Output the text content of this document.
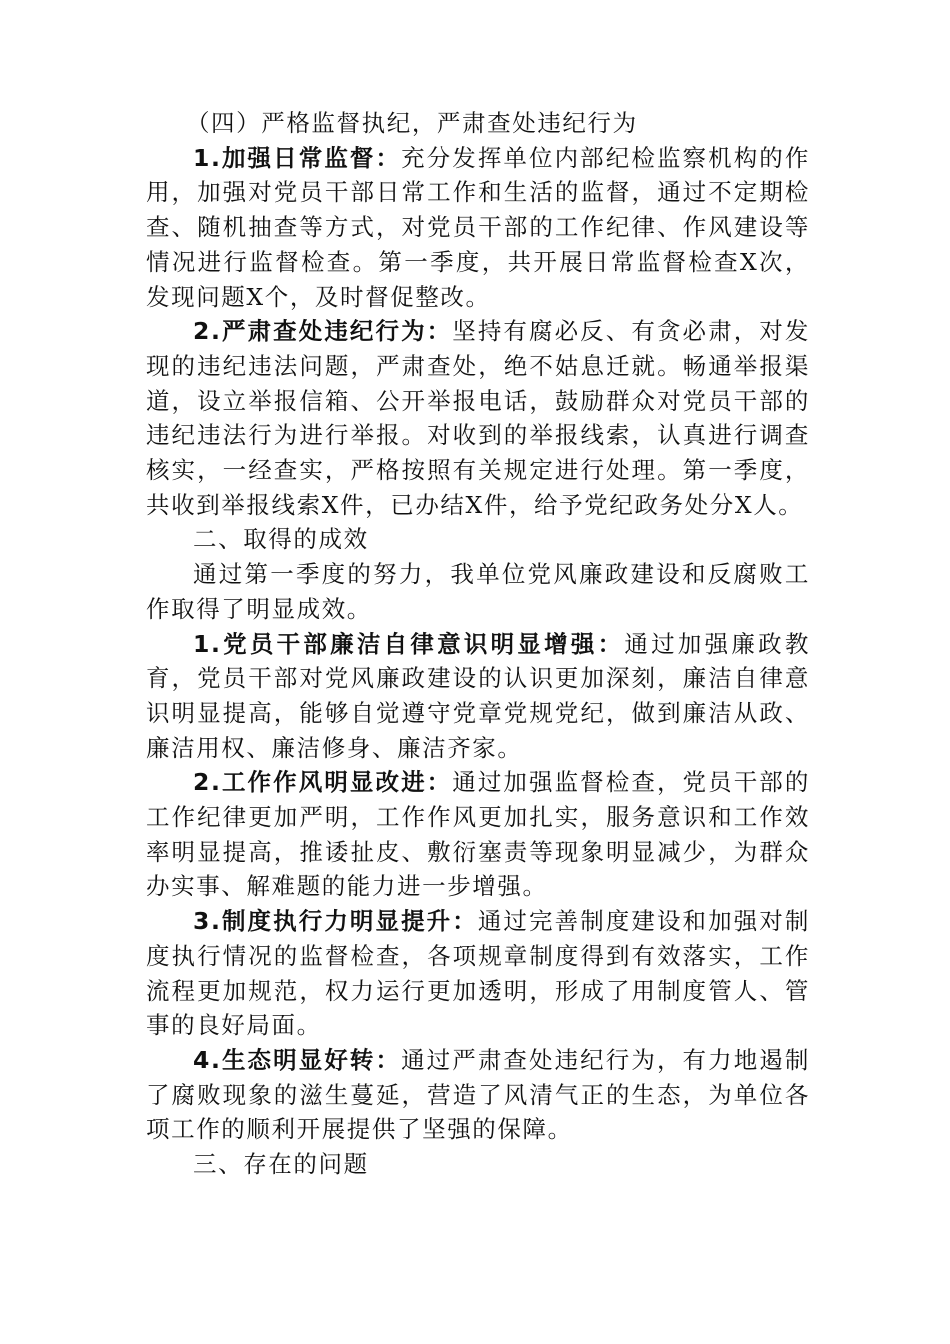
（四）严格监督执纪，严肃查处违纪行为

1.加强日常监督：充分发挥单位内部纪检监察机构的作用，加强对党员干部日常工作和生活的监督，通过不定期检查、随机抽查等方式，对党员干部的工作纪律、作风建设等情况进行监督检查。第一季度，共开展日常监督检查X次，发现问题X个，及时督促整改。

2.严肃查处违纪行为：坚持有腐必反、有贪必肃，对发现的违纪违法问题，严肃查处，绝不姑息迁就。畅通举报渠道，设立举报信箱、公开举报电话，鼓励群众对党员干部的违纪违法行为进行举报。对收到的举报线索，认真进行调查核实，一经查实，严格按照有关规定进行处理。第一季度，共收到举报线索X件，已办结X件，给予党纪政务处分X人。

二、取得的成效

通过第一季度的努力，我单位党风廉政建设和反腐败工作取得了明显成效。

1.党员干部廉洁自律意识明显增强：通过加强廉政教育，党员干部对党风廉政建设的认识更加深刻，廉洁自律意识明显提高，能够自觉遵守党章党规党纪，做到廉洁从政、廉洁用权、廉洁修身、廉洁齐家。

2.工作作风明显改进：通过加强监督检查，党员干部的工作纪律更加严明，工作作风更加扎实，服务意识和工作效率明显提高，推诿扯皮、敷衍塞责等现象明显减少，为群众办实事、解难题的能力进一步增强。

3.制度执行力明显提升：通过完善制度建设和加强对制度执行情况的监督检查，各项规章制度得到有效落实，工作流程更加规范，权力运行更加透明，形成了用制度管人、管事的良好局面。

4.生态明显好转：通过严肃查处违纪行为，有力地遏制了腐败现象的滋生蔓延，营造了风清气正的生态，为单位各项工作的顺利开展提供了坚强的保障。

三、存在的问题
